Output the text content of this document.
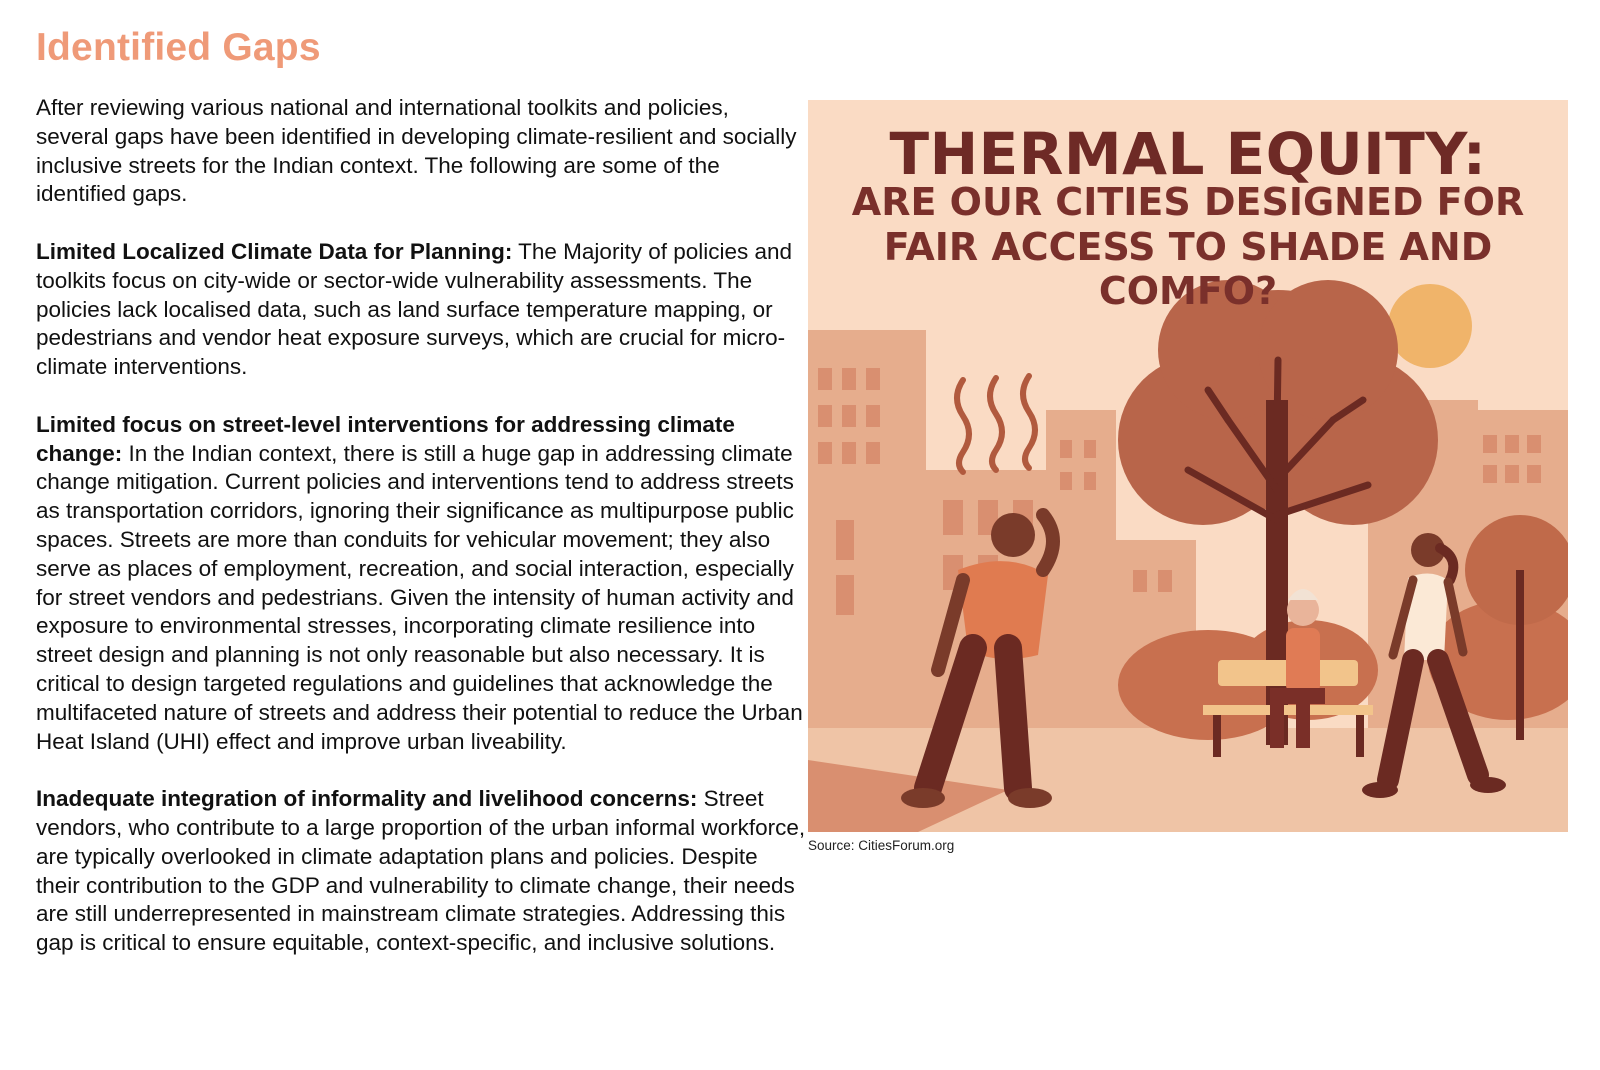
Identified Gaps

After reviewing various national and international toolkits and policies, several gaps have been identified in developing climate-resilient and socially inclusive streets for the Indian context. The following are some of the identified gaps.

Limited Localized Climate Data for Planning: The Majority of policies and toolkits focus on city-wide or sector-wide vulnerability assessments. The policies lack localised data, such as land surface temperature mapping, or pedestrians and vendor heat exposure surveys, which are crucial for micro-climate interventions.

Limited focus on street-level interventions for addressing climate change: In the Indian context, there is still a huge gap in addressing climate change mitigation. Current policies and interventions tend to address streets as transportation corridors, ignoring their significance as multipurpose public spaces. Streets are more than conduits for vehicular movement; they also serve as places of employment, recreation, and social interaction, especially for street vendors and pedestrians. Given the intensity of human activity and exposure to environmental stresses, incorporating climate resilience into street design and planning is not only reasonable but also necessary. It is critical to design targeted regulations and guidelines that acknowledge the multifaceted nature of streets and address their potential to reduce the Urban Heat Island (UHI) effect and improve urban liveability.

Inadequate integration of informality and livelihood concerns: Street vendors, who contribute to a large proportion of the urban informal workforce, are typically overlooked in climate adaptation plans and policies. Despite their contribution to the GDP and vulnerability to climate change, their needs are still underrepresented in mainstream climate strategies. Addressing this gap is critical to ensure equitable, context-specific, and inclusive solutions.

THERMAL EQUITY:
ARE OUR CITIES DESIGNED FOR
FAIR ACCESS TO SHADE AND COMFO?
Source: CitiesForum.org
